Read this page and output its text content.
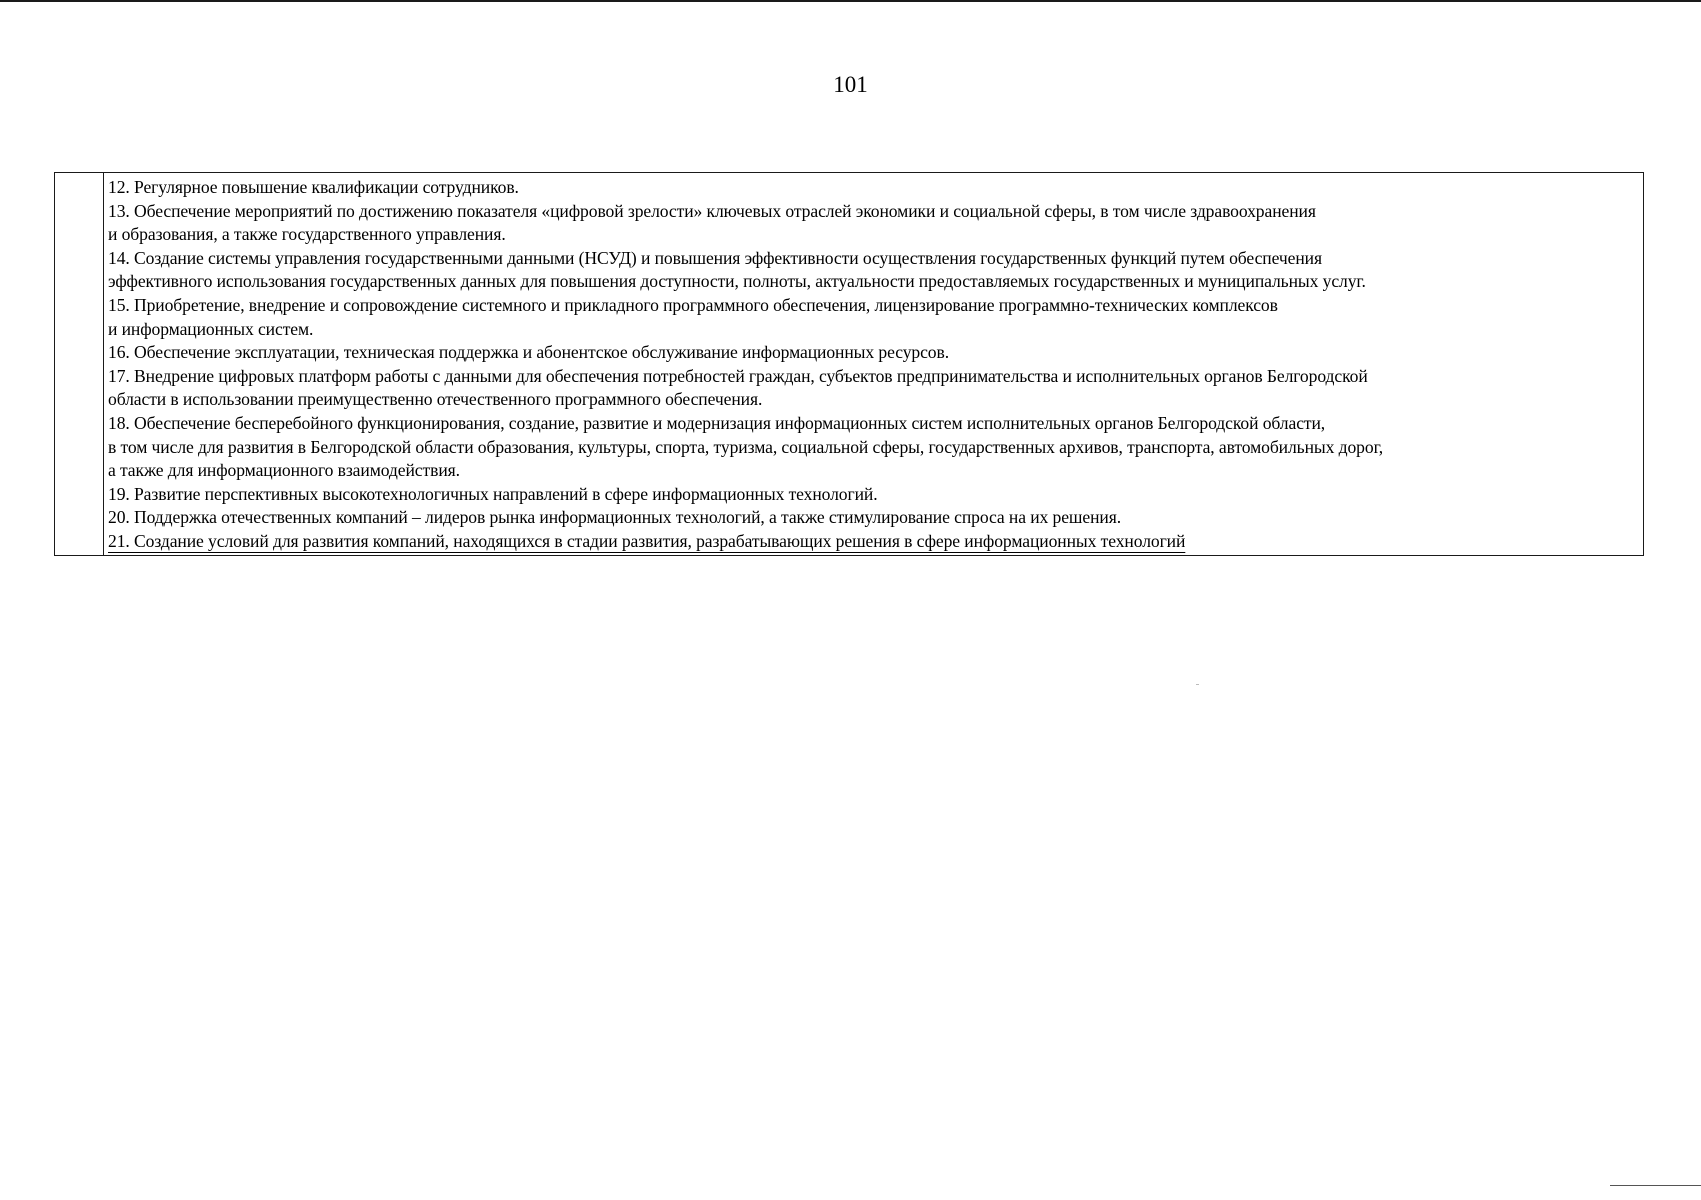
101

12. Регулярное повышение квалификации сотрудников.
13. Обеспечение мероприятий по достижению показателя «цифровой зрелости» ключевых отраслей экономики и социальной сферы, в том числе здравоохранения
и образования, а также государственного управления.
14. Создание системы управления государственными данными (НСУД) и повышения эффективности осуществления государственных функций путем обеспечения
эффективного использования государственных данных для повышения доступности, полноты, актуальности предоставляемых государственных и муниципальных услуг.
15. Приобретение, внедрение и сопровождение системного и прикладного программного обеспечения, лицензирование программно-технических комплексов
и информационных систем.
16. Обеспечение эксплуатации, техническая поддержка и абонентское обслуживание информационных ресурсов.
17. Внедрение цифровых платформ работы с данными для обеспечения потребностей граждан, субъектов предпринимательства и исполнительных органов Белгородской
области в использовании преимущественно отечественного программного обеспечения.
18. Обеспечение бесперебойного функционирования, создание, развитие и модернизация информационных систем исполнительных органов Белгородской области,
в том числе для развития в Белгородской области образования, культуры, спорта, туризма, социальной сферы, государственных архивов, транспорта, автомобильных дорог,
а также для информационного взаимодействия.
19. Развитие перспективных высокотехнологичных направлений в сфере информационных технологий.
20. Поддержка отечественных компаний – лидеров рынка информационных технологий, а также стимулирование спроса на их решения.
21. Создание условий для развития компаний, находящихся в стадии развития, разрабатывающих решения в сфере информационных технологий
